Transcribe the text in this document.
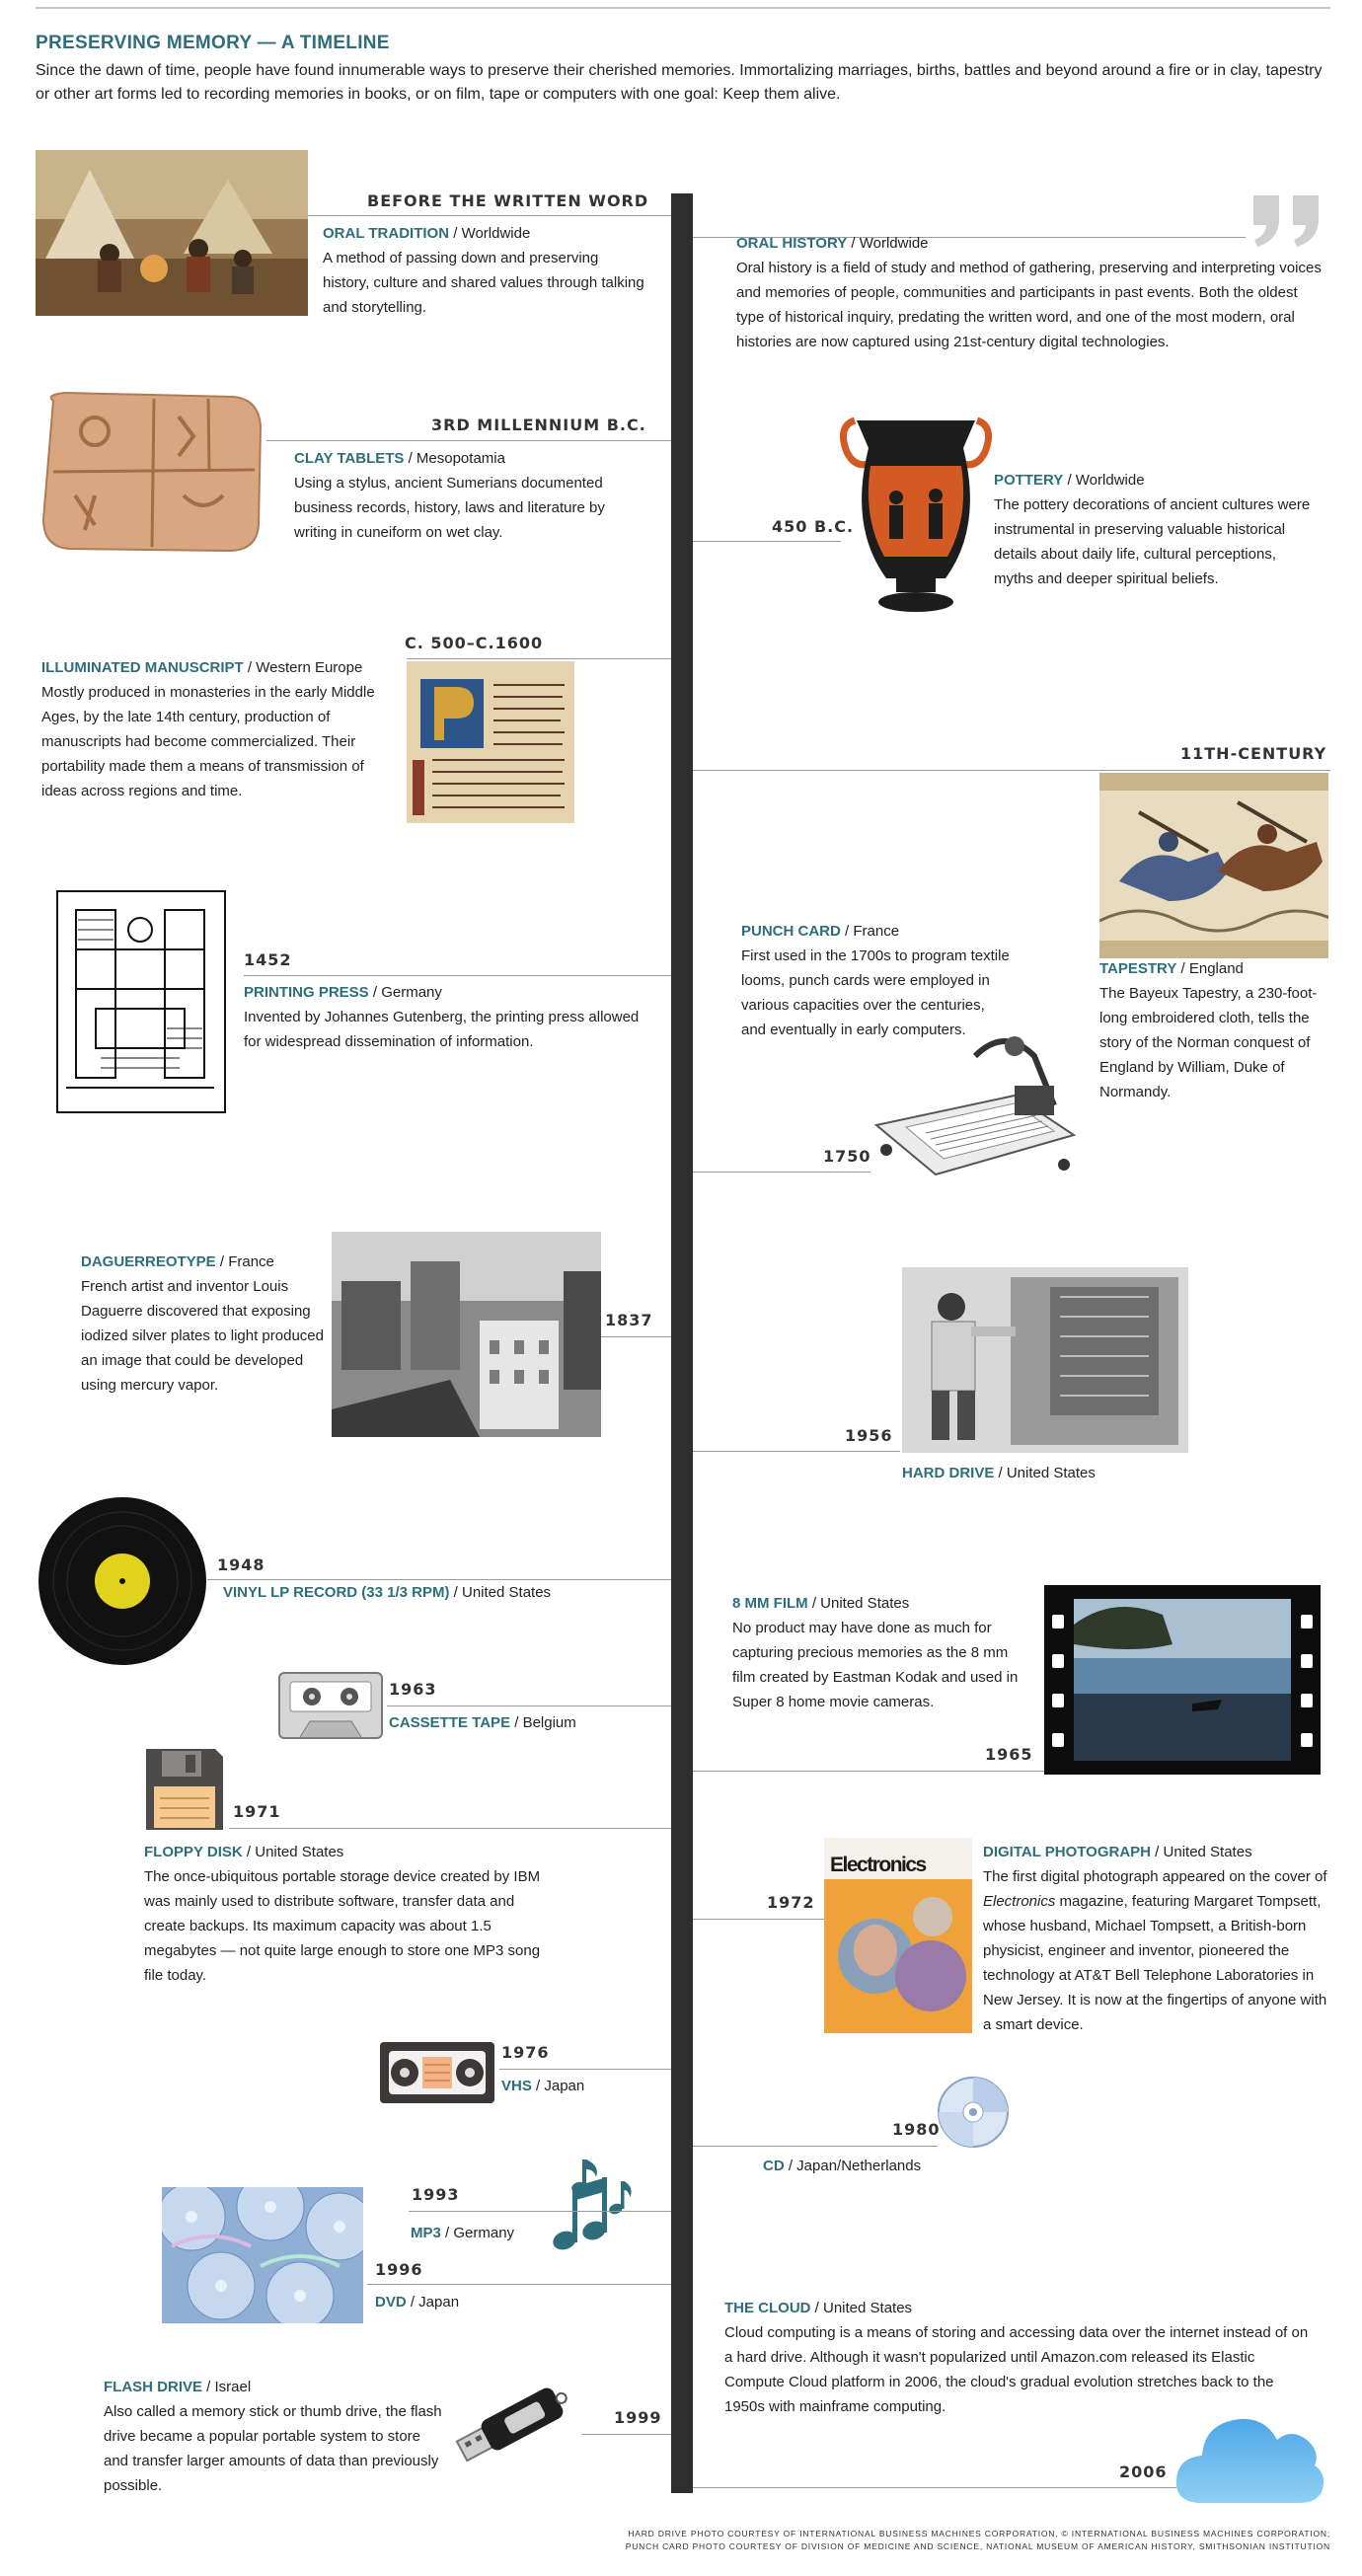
PRESERVING MEMORY — A TIMELINE
Since the dawn of time, people have found innumerable ways to preserve their cherished memories. Immortalizing marriages, births, battles and beyond around a fire or in clay, tapestry or other art forms led to recording memories in books, or on film, tape or computers with one goal: Keep them alive.
BEFORE THE WRITTEN WORD
ORAL TRADITION / Worldwide
A method of passing down and preserving history, culture and shared values through talking and storytelling.
ORAL HISTORY / Worldwide
Oral history is a field of study and method of gathering, preserving and interpreting voices and memories of people, communities and participants in past events. Both the oldest type of historical inquiry, predating the written word, and one of the most modern, oral histories are now captured using 21st-century digital technologies.
3RD MILLENNIUM B.C.
CLAY TABLETS / Mesopotamia
Using a stylus, ancient Sumerians documented business records, history, laws and literature by writing in cuneiform on wet clay.	450 B.C.
POTTERY / Worldwide
The pottery decorations of ancient cultures were instrumental in preserving valuable historical details about daily life, cultural perceptions, myths and deeper spiritual beliefs.
C. 500–C.1600
ILLUMINATED MANUSCRIPT / Western Europe
Mostly produced in monasteries in the early Middle Ages, by the late 14th century, production of manuscripts had become commercialized. Their portability made them a means of transmission of ideas across regions and time.
11TH-CENTURY
TAPESTRY / England
The Bayeux Tapestry, a 230-foot-long embroidered cloth, tells the story of the Norman conquest of England by William, Duke of Normandy.
1452
PRINTING PRESS / Germany
Invented by Johannes Gutenberg, the printing press allowed for widespread dissemination of information.
PUNCH CARD / France
First used in the 1700s to program textile looms, punch cards were employed in various capacities over the centuries, and eventually in early computers.
1750
DAGUERREOTYPE / France
French artist and inventor Louis Daguerre discovered that exposing iodized silver plates to light produced an image that could be developed using mercury vapor.
1837
1956
HARD DRIVE / United States
1948
VINYL LP RECORD (33 1/3 RPM) / United States
8 MM FILM / United States
No product may have done as much for capturing precious memories as the 8 mm film created by Eastman Kodak and used in Super 8 home movie cameras.
1965
1963
CASSETTE TAPE / Belgium
1971
FLOPPY DISK / United States
The once-ubiquitous portable storage device created by IBM was mainly used to distribute software, transfer data and create backups. Its maximum capacity was about 1.5 megabytes — not quite large enough to store one MP3 song file today.
Electronics
1972
DIGITAL PHOTOGRAPH / United States
The first digital photograph appeared on the cover of Electronics magazine, featuring Margaret Tompsett, whose husband, Michael Tompsett, a British-born physicist, engineer and inventor, pioneered the technology at AT&T Bell Telephone Laboratories in New Jersey. It is now at the fingertips of anyone with a smart device.
1976
VHS / Japan
1980
CD / Japan/Netherlands
1993
MP3 / Germany
1996
DVD / Japan	THE CLOUD / United States
Cloud computing is a means of storing and accessing data over the internet instead of on a hard drive. Although it wasn't popularized until Amazon.com released its Elastic Compute Cloud platform in 2006, the cloud's gradual evolution stretches back to the 1950s with mainframe computing.
2006
FLASH DRIVE / Israel
Also called a memory stick or thumb drive, the flash drive became a popular portable system to store and transfer larger amounts of data than previously possible.
1999
HARD DRIVE PHOTO COURTESY OF INTERNATIONAL BUSINESS MACHINES CORPORATION, © INTERNATIONAL BUSINESS MACHINES CORPORATION;
PUNCH CARD PHOTO COURTESY OF DIVISION OF MEDICINE AND SCIENCE, NATIONAL MUSEUM OF AMERICAN HISTORY, SMITHSONIAN INSTITUTION
